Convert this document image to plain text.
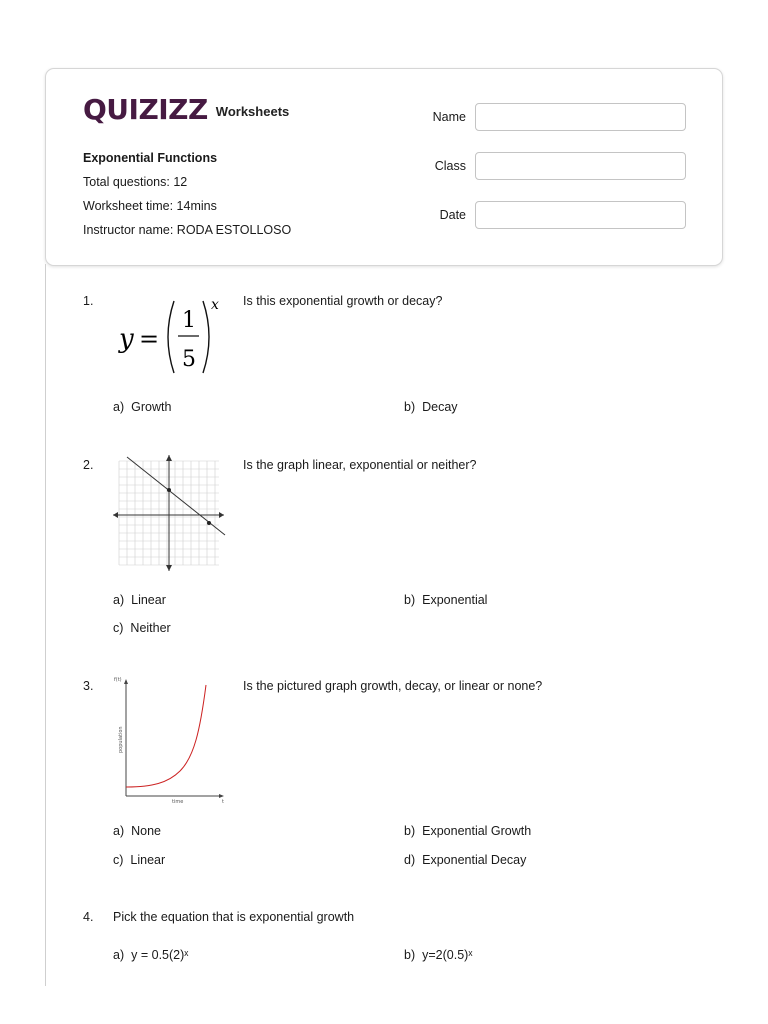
QUIZIZZ Worksheets
Exponential Functions
Total questions: 12
Worksheet time: 14mins
Instructor name: RODA ESTOLLOSO
Name
Class
Date
1.
y =
1
5
x Is this exponential growth or decay?
a) Growth	b) Decay
2.	Is the graph linear, exponential or neither?
a) Linear	b) Exponential
c) Neither
3.	f(t)
t
time
population
Is the pictured graph growth, decay, or linear or none?
a) None	b) Exponential Growth
c) Linear	d) Exponential Decay
4. Pick the equation that is exponential growth
a) y = 0.5(2)ˣ	b) y=2(0.5)ˣ
